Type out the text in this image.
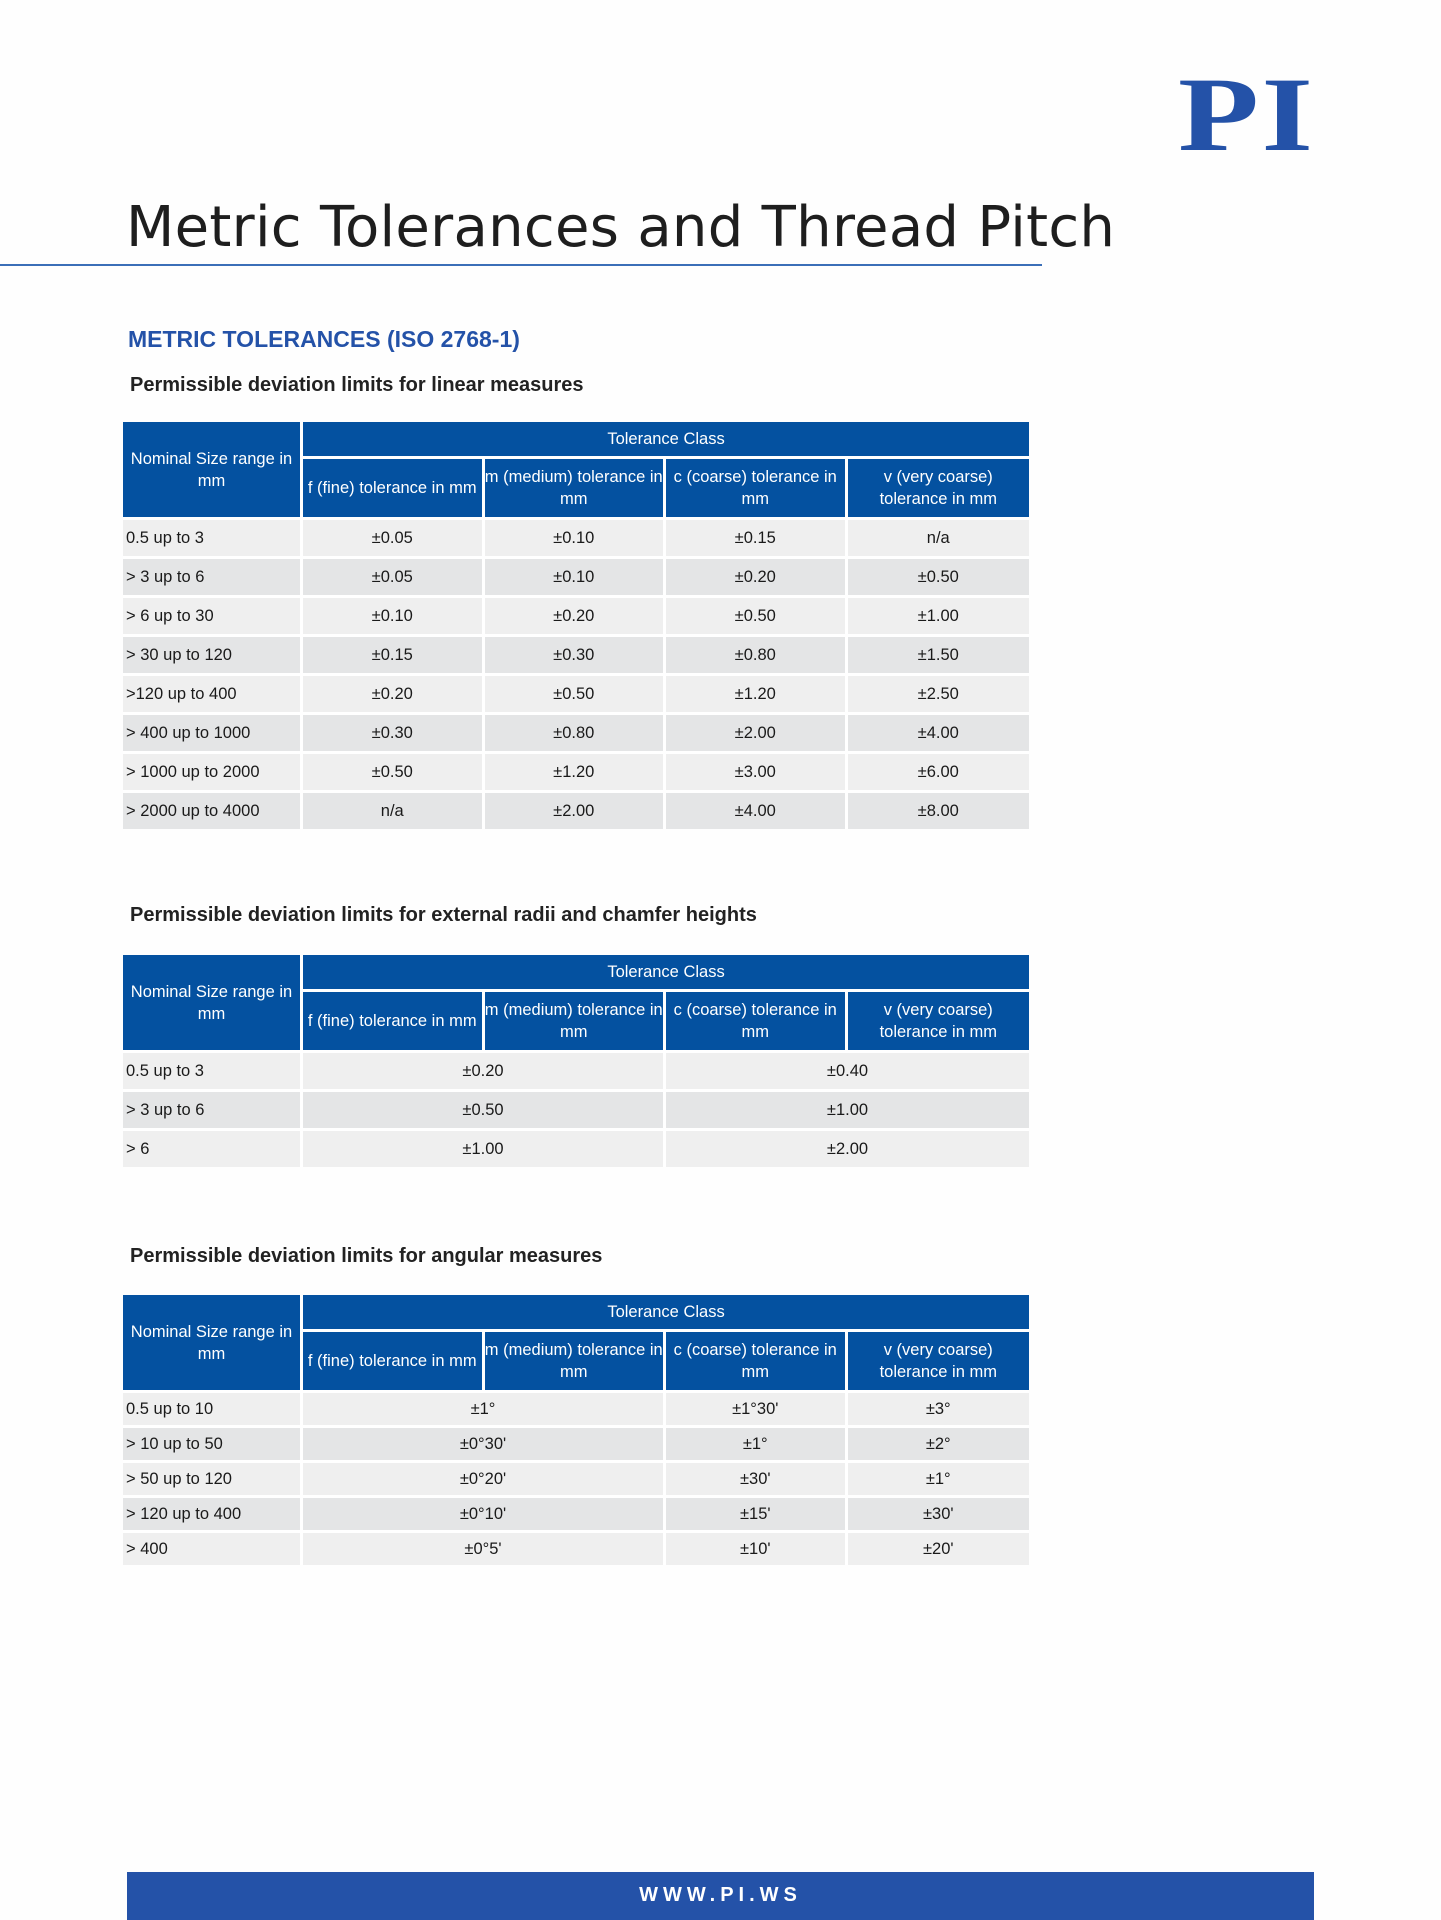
PI
Metric Tolerances and Thread Pitch
METRIC TOLERANCES (ISO 2768-1)
Permissible deviation limits for linear measures
Nominal Size range in mm	Tolerance Class			
	f (fine) tolerance in mm	m (medium) tolerance in mm	c (coarse) tolerance in mm	v (very coarse) tolerance in mm
0.5 up to 3	±0.05	±0.10	±0.15	n/a
> 3 up to 6	±0.05	±0.10	±0.20	±0.50
> 6 up to 30	±0.10	±0.20	±0.50	±1.00
> 30 up to 120	±0.15	±0.30	±0.80	±1.50
>120 up to 400	±0.20	±0.50	±1.20	±2.50
> 400 up to 1000	±0.30	±0.80	±2.00	±4.00
> 1000 up to 2000	±0.50	±1.20	±3.00	±6.00
> 2000 up to 4000	n/a	±2.00	±4.00	±8.00
Permissible deviation limits for external radii and chamfer heights
Nominal Size range in mm	Tolerance Class			
	f (fine) tolerance in mm	m (medium) tolerance in mm	c (coarse) tolerance in mm	v (very coarse) tolerance in mm
0.5 up to 3	±0.20		±0.40	
> 3 up to 6	±0.50		±1.00	
> 6	±1.00		±2.00	
Permissible deviation limits for angular measures
Nominal Size range in mm	Tolerance Class			
	f (fine) tolerance in mm	m (medium) tolerance in mm	c (coarse) tolerance in mm	v (very coarse) tolerance in mm
0.5 up to 10	±1°		±1°30'	±3°
> 10 up to 50	±0°30'		±1°	±2°
> 50 up to 120	±0°20'		±30'	±1°
> 120 up to 400	±0°10'		±15'	±30'
> 400	±0°5'		±10'	±20'
WWW.PI.WS
